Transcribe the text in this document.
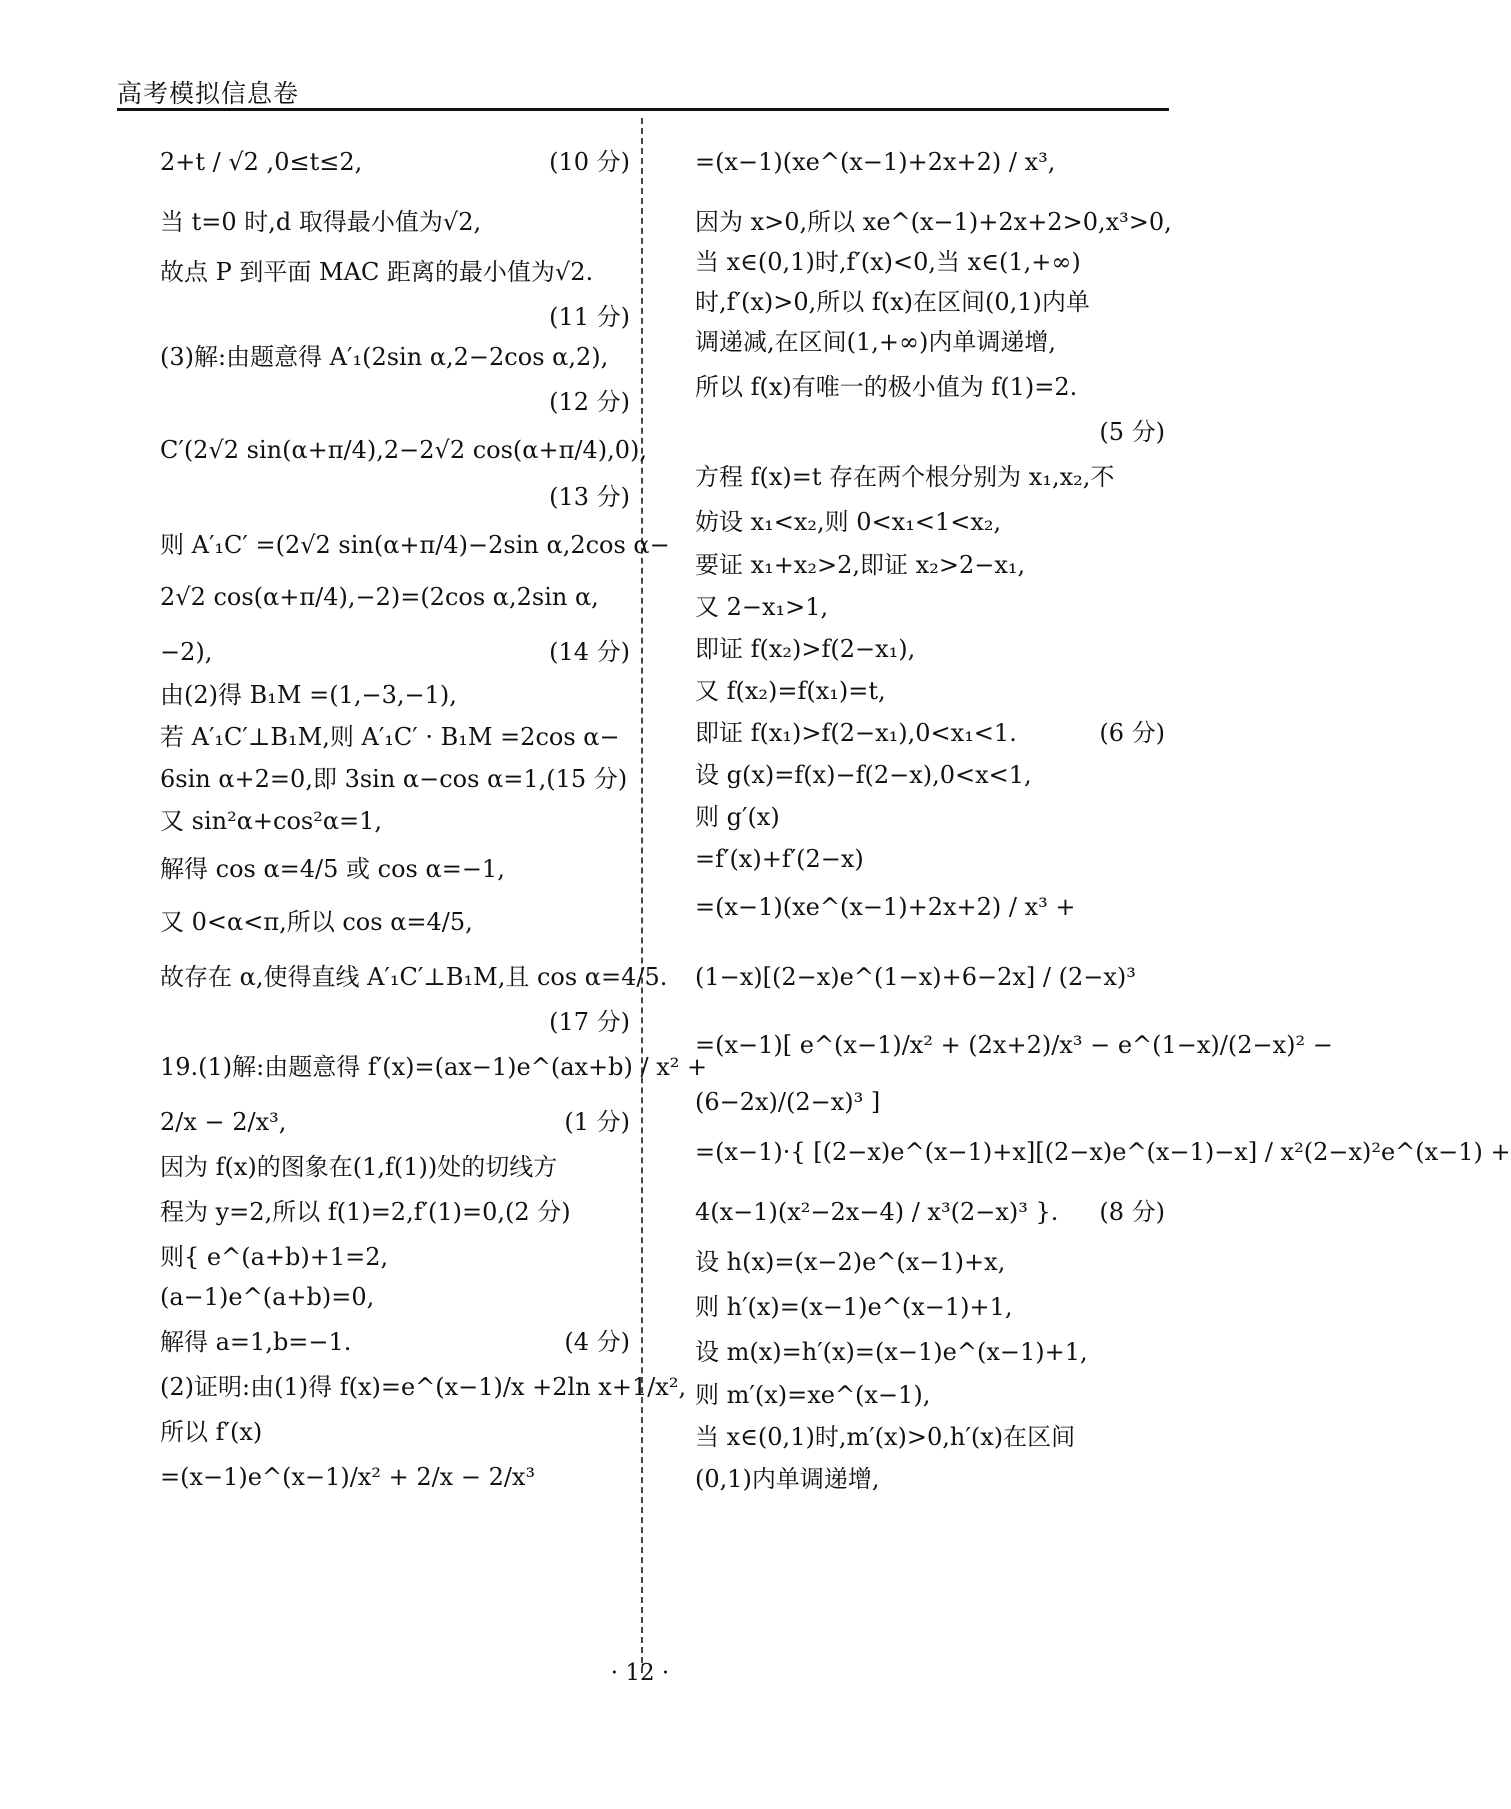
高考模拟信息卷
2+t / √2 ,0≤t≤2,	(10 分)
当 t=0 时,d 取得最小值为√2,
故点 P 到平面 MAC 距离的最小值为√2.
(11 分)
(3)解:由题意得 A′₁(2sin α,2−2cos α,2),
(12 分)
C′(2√2 sin(α+π/4),2−2√2 cos(α+π/4),0),
(13 分)
则 A′₁C′ =(2√2 sin(α+π/4)−2sin α,2cos α−
2√2 cos(α+π/4),−2)=(2cos α,2sin α,
−2),	(14 分)
由(2)得 B₁M =(1,−3,−1),
若 A′₁C′⊥B₁M,则 A′₁C′ · B₁M =2cos α−
6sin α+2=0,即 3sin α−cos α=1,(15 分)
又 sin²α+cos²α=1,
解得 cos α=4/5 或 cos α=−1,
又 0<α<π,所以 cos α=4/5,
故存在 α,使得直线 A′₁C′⊥B₁M,且 cos α=4/5.
(17 分)
19.(1)解:由题意得 f′(x)=(ax−1)e^(ax+b) / x² +
2/x − 2/x³,	(1 分)
因为 f(x)的图象在(1,f(1))处的切线方
程为 y=2,所以 f(1)=2,f′(1)=0,(2 分)
则{ e^(a+b)+1=2,
(a−1)e^(a+b)=0,
解得 a=1,b=−1.	(4 分)
(2)证明:由(1)得 f(x)=e^(x−1)/x +2ln x+1/x²,
所以 f′(x)
=(x−1)e^(x−1)/x² + 2/x − 2/x³
=(x−1)(xe^(x−1)+2x+2) / x³,
因为 x>0,所以 xe^(x−1)+2x+2>0,x³>0,
当 x∈(0,1)时,f′(x)<0,当 x∈(1,+∞)
时,f′(x)>0,所以 f(x)在区间(0,1)内单
调递减,在区间(1,+∞)内单调递增,
所以 f(x)有唯一的极小值为 f(1)=2.
(5 分)
方程 f(x)=t 存在两个根分别为 x₁,x₂,不
妨设 x₁<x₂,则 0<x₁<1<x₂,
要证 x₁+x₂>2,即证 x₂>2−x₁,
又 2−x₁>1,
即证 f(x₂)>f(2−x₁),
又 f(x₂)=f(x₁)=t,
即证 f(x₁)>f(2−x₁),0<x₁<1.	(6 分)
设 g(x)=f(x)−f(2−x),0<x<1,
则 g′(x)
=f′(x)+f′(2−x)
=(x−1)(xe^(x−1)+2x+2) / x³ +
(1−x)[(2−x)e^(1−x)+6−2x] / (2−x)³
=(x−1)[ e^(x−1)/x² + (2x+2)/x³ − e^(1−x)/(2−x)² −
(6−2x)/(2−x)³ ]
=(x−1)·{ [(2−x)e^(x−1)+x][(2−x)e^(x−1)−x] / x²(2−x)²e^(x−1) +
4(x−1)(x²−2x−4) / x³(2−x)³ }. (8 分)
设 h(x)=(x−2)e^(x−1)+x,
则 h′(x)=(x−1)e^(x−1)+1,
设 m(x)=h′(x)=(x−1)e^(x−1)+1,
则 m′(x)=xe^(x−1),
当 x∈(0,1)时,m′(x)>0,h′(x)在区间
(0,1)内单调递增,
· 12 ·
